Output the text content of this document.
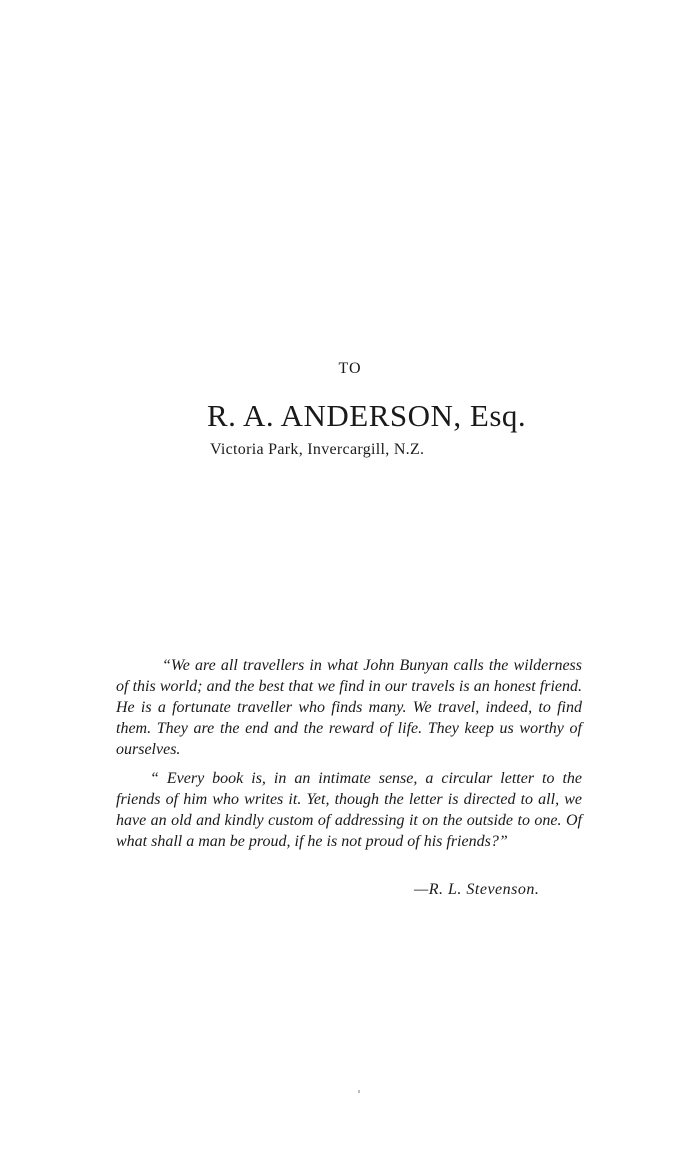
TO
R. A. ANDERSON, Esq.
Victoria Park, Invercargill, N.Z.

“We are all travellers in what John Bunyan calls the wilderness of this world; and the best that we find in our travels is an honest friend. He is a fortunate traveller who finds many. We travel, indeed, to find them. They are the end and the reward of life. They keep us worthy of ourselves.

“ Every book is, in an intimate sense, a circular letter to the friends of him who writes it. Yet, though the letter is directed to all, we have an old and kindly custom of addressing it on the outside to one. Of what shall a man be proud, if he is not proud of his friends?”

—R. L. Stevenson.
